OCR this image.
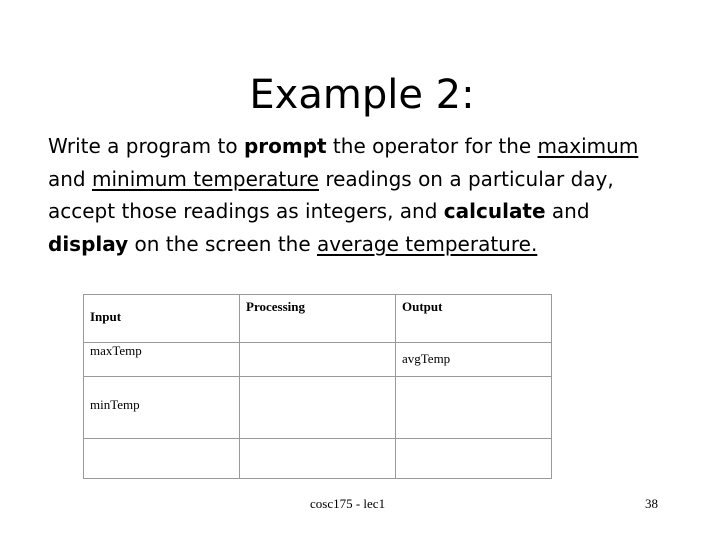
Example 2:
Write a program to prompt the operator for the maximum and minimum temperature readings on a particular day, accept those readings as integers, and calculate and display on the screen the average temperature.
Input	Processing	Output
maxTemp		avgTemp
minTemp		

cosc175 - lec1	38
